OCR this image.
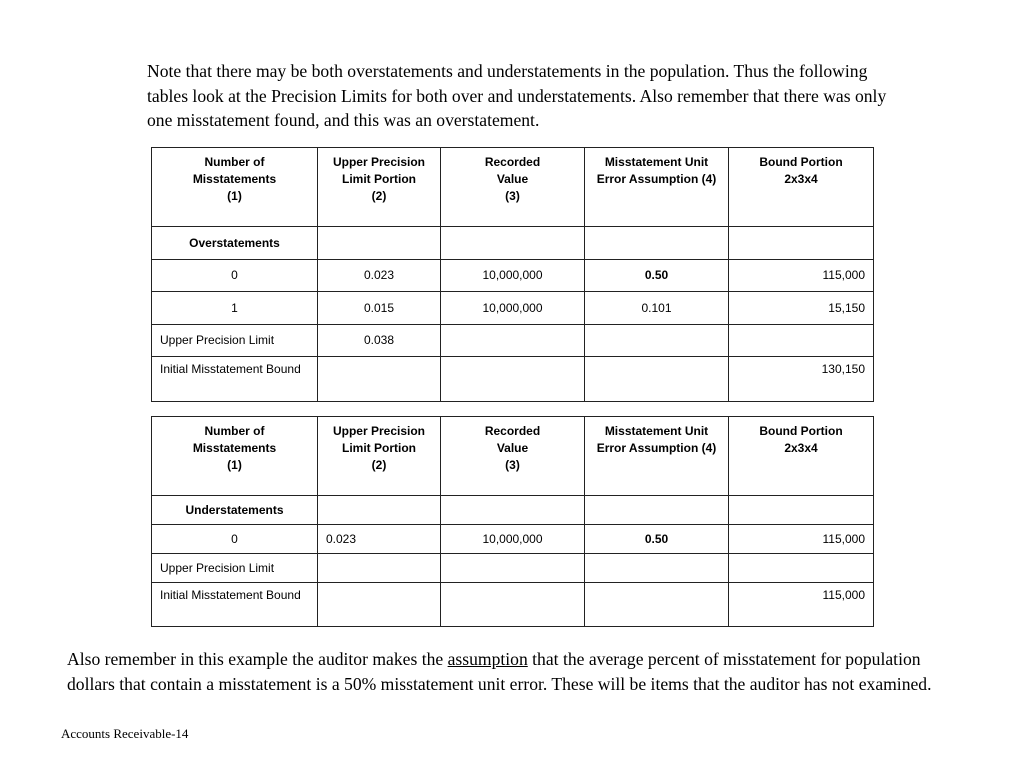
Note that there may be both overstatements and understatements in the population. Thus the following tables look at the Precision Limits for both over and understatements. Also remember that there was only one misstatement found, and this was an overstatement.

Number of
Misstatements
(1)	Upper Precision
Limit Portion
(2)	Recorded
Value
(3)	Misstatement Unit
Error Assumption (4)	Bound Portion
2x3x4

Overstatements				
0	0.023	10,000,000	0.50	115,000
1	0.015	10,000,000	0.101	15,150
Upper Precision Limit	0.038			
Initial Misstatement Bound				130,150
Number of
Misstatements
(1)	Upper Precision
Limit Portion
(2)	Recorded
Value
(3)	Misstatement Unit
Error Assumption (4)	Bound Portion
2x3x4

Understatements				
0	0.023	10,000,000	0.50	115,000
Upper Precision Limit				
Initial Misstatement Bound				115,000

Also remember in this example the auditor makes the assumption that the average percent of misstatement for population dollars that contain a misstatement is a 50% misstatement unit error. These will be items that the auditor has not examined.

Accounts Receivable-14
